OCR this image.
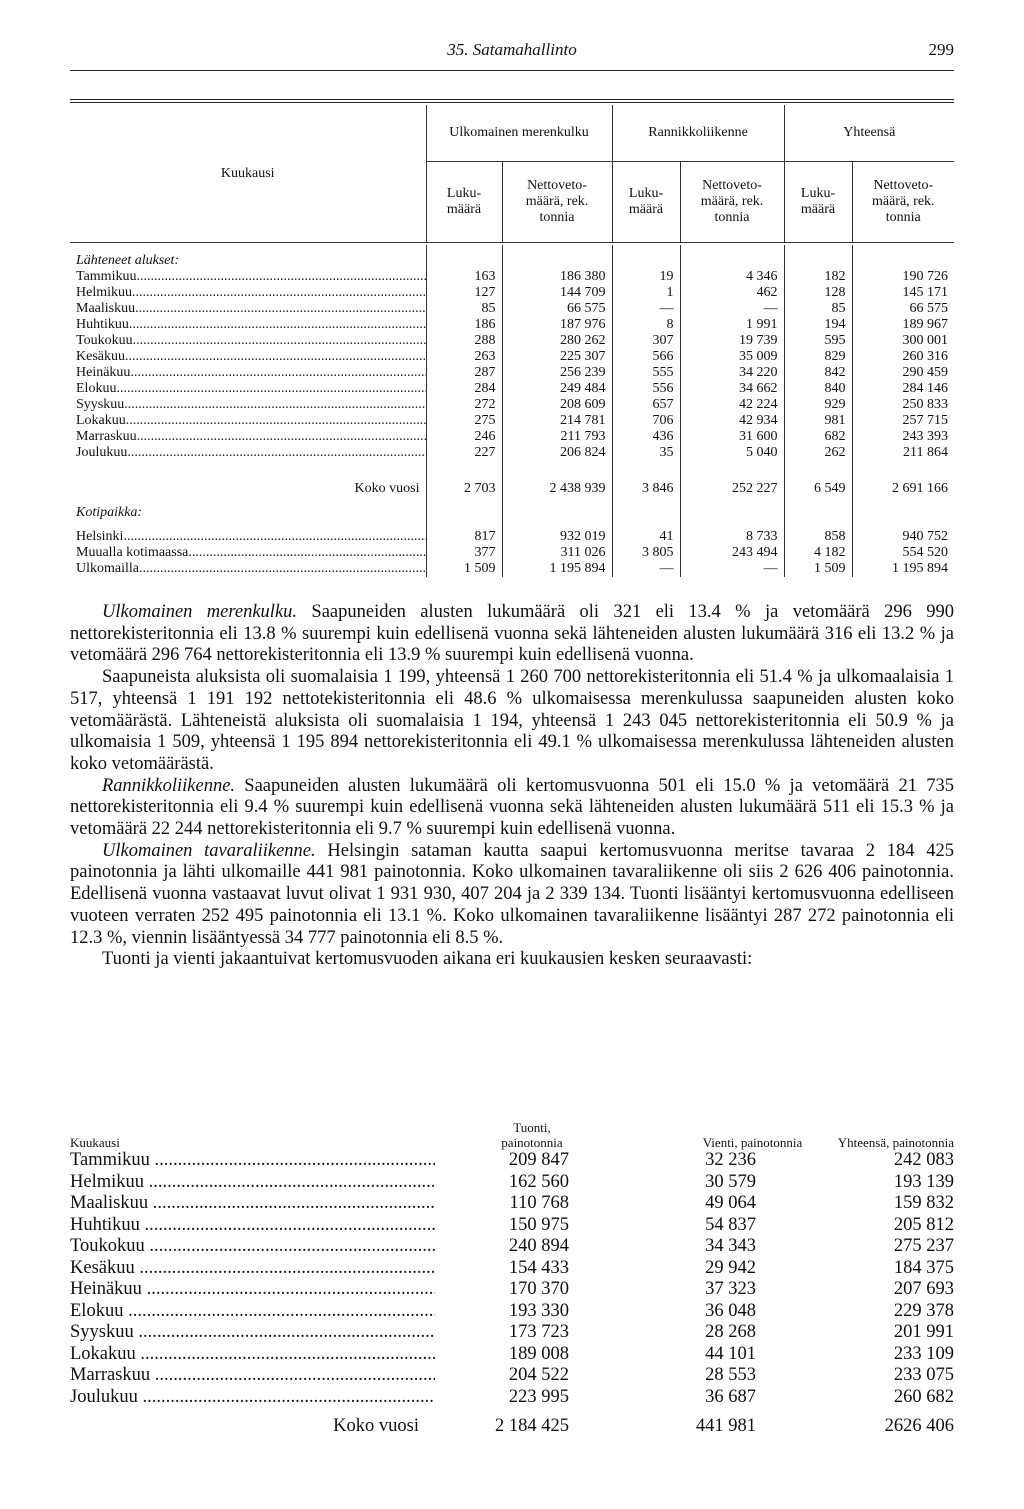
35. Satamahallinto	299
Kuukausi	Ulkomainen merenkulku		Rannikkoliikenne		Yhteensä	
	Luku-
määrä	Nettoveto-
määrä, rek.
tonnia	Luku-
määrä	Nettoveto-
määrä, rek.
tonnia	Luku-
määrä	Nettoveto-
määrä, rek.
tonnia

Lähteneet alukset:						
Tammikuu .....	163	186 380	19	4 346	182	190 726
Helmikuu .....	127	144 709	1	462	128	145 171
Maaliskuu .....	85	66 575	—	—	85	66 575
Huhtikuu .....	186	187 976	8	1 991	194	189 967
Toukokuu .....	288	280 262	307	19 739	595	300 001
Kesäkuu .....	263	225 307	566	35 009	829	260 316
Heinäkuu .....	287	256 239	555	34 220	842	290 459
Elokuu .....	284	249 484	556	34 662	840	284 146
Syyskuu .....	272	208 609	657	42 224	929	250 833
Lokakuu .....	275	214 781	706	42 934	981	257 715
Marraskuu .....	246	211 793	436	31 600	682	243 393
Joulukuu .....	227	206 824	35	5 040	262	211 864

Koko vuosi	2 703	2 438 939	3 846	252 227	6 549	2 691 166
Kotipaikka:						

Helsinki .....	817	932 019	41	8 733	858	940 752
Muualla kotimaassa .....	377	311 026	3 805	243 494	4 182	554 520
Ulkomailla .....	1 509	1 195 894	—	—	1 509	1 195 894

Ulkomainen merenkulku. Saapuneiden alusten lukumäärä oli 321 eli 13.4 % ja vetomäärä 296 990 nettorekisteritonnia eli 13.8 % suurempi kuin edellisenä vuonna sekä lähteneiden alusten lukumäärä 316 eli 13.2 % ja vetomäärä 296 764 nettorekisteritonnia eli 13.9 % suurempi kuin edellisenä vuonna.

Saapuneista aluksista oli suomalaisia 1 199, yhteensä 1 260 700 nettorekisteritonnia eli 51.4 % ja ulkomaalaisia 1 517, yhteensä 1 191 192 nettotekisteritonnia eli 48.6 % ulkomaisessa merenkulussa saapuneiden alusten koko vetomäärästä. Lähteneistä aluksista oli suomalaisia 1 194, yhteensä 1 243 045 nettorekisteritonnia eli 50.9 % ja ulkomaisia 1 509, yhteensä 1 195 894 nettorekisteritonnia eli 49.1 % ulkomaisessa merenkulussa lähteneiden alusten koko vetomäärästä.

Rannikkoliikenne. Saapuneiden alusten lukumäärä oli kertomusvuonna 501 eli 15.0 % ja vetomäärä 21 735 nettorekisteritonnia eli 9.4 % suurempi kuin edellisenä vuonna sekä lähteneiden alusten lukumäärä 511 eli 15.3 % ja vetomäärä 22 244 nettorekisteritonnia eli 9.7 % suurempi kuin edellisenä vuonna.

Ulkomainen tavaraliikenne. Helsingin sataman kautta saapui kertomusvuonna meritse tavaraa 2 184 425 painotonnia ja lähti ulkomaille 441 981 painotonnia. Koko ulkomainen tavaraliikenne oli siis 2 626 406 painotonnia. Edellisenä vuonna vastaavat luvut olivat 1 931 930, 407 204 ja 2 339 134. Tuonti lisääntyi kertomusvuonna edelliseen vuoteen verraten 252 495 painotonnia eli 13.1 %. Koko ulkomainen tavaraliikenne lisääntyi 287 272 painotonnia eli 12.3 %, viennin lisääntyessä 34 777 painotonnia eli 8.5 %.

Tuonti ja vienti jakaantuivat kertomusvuoden aikana eri kuukausien kesken seuraavasti:

Kuukausi	Tuonti, painotonnia	Vienti, painotonnia	Yhteensä, painotonnia
Tammikuu .....	209 847	32 236	242 083
Helmikuu .....	162 560	30 579	193 139
Maaliskuu .....	110 768	49 064	159 832
Huhtikuu .....	150 975	54 837	205 812
Toukokuu .....	240 894	34 343	275 237
Kesäkuu .....	154 433	29 942	184 375
Heinäkuu .....	170 370	37 323	207 693
Elokuu .....	193 330	36 048	229 378
Syyskuu .....	173 723	28 268	201 991
Lokakuu .....	189 008	44 101	233 109
Marraskuu .....	204 522	28 553	233 075
Joulukuu .....	223 995	36 687	260 682
Koko vuosi	2 184 425	441 981	2626 406
